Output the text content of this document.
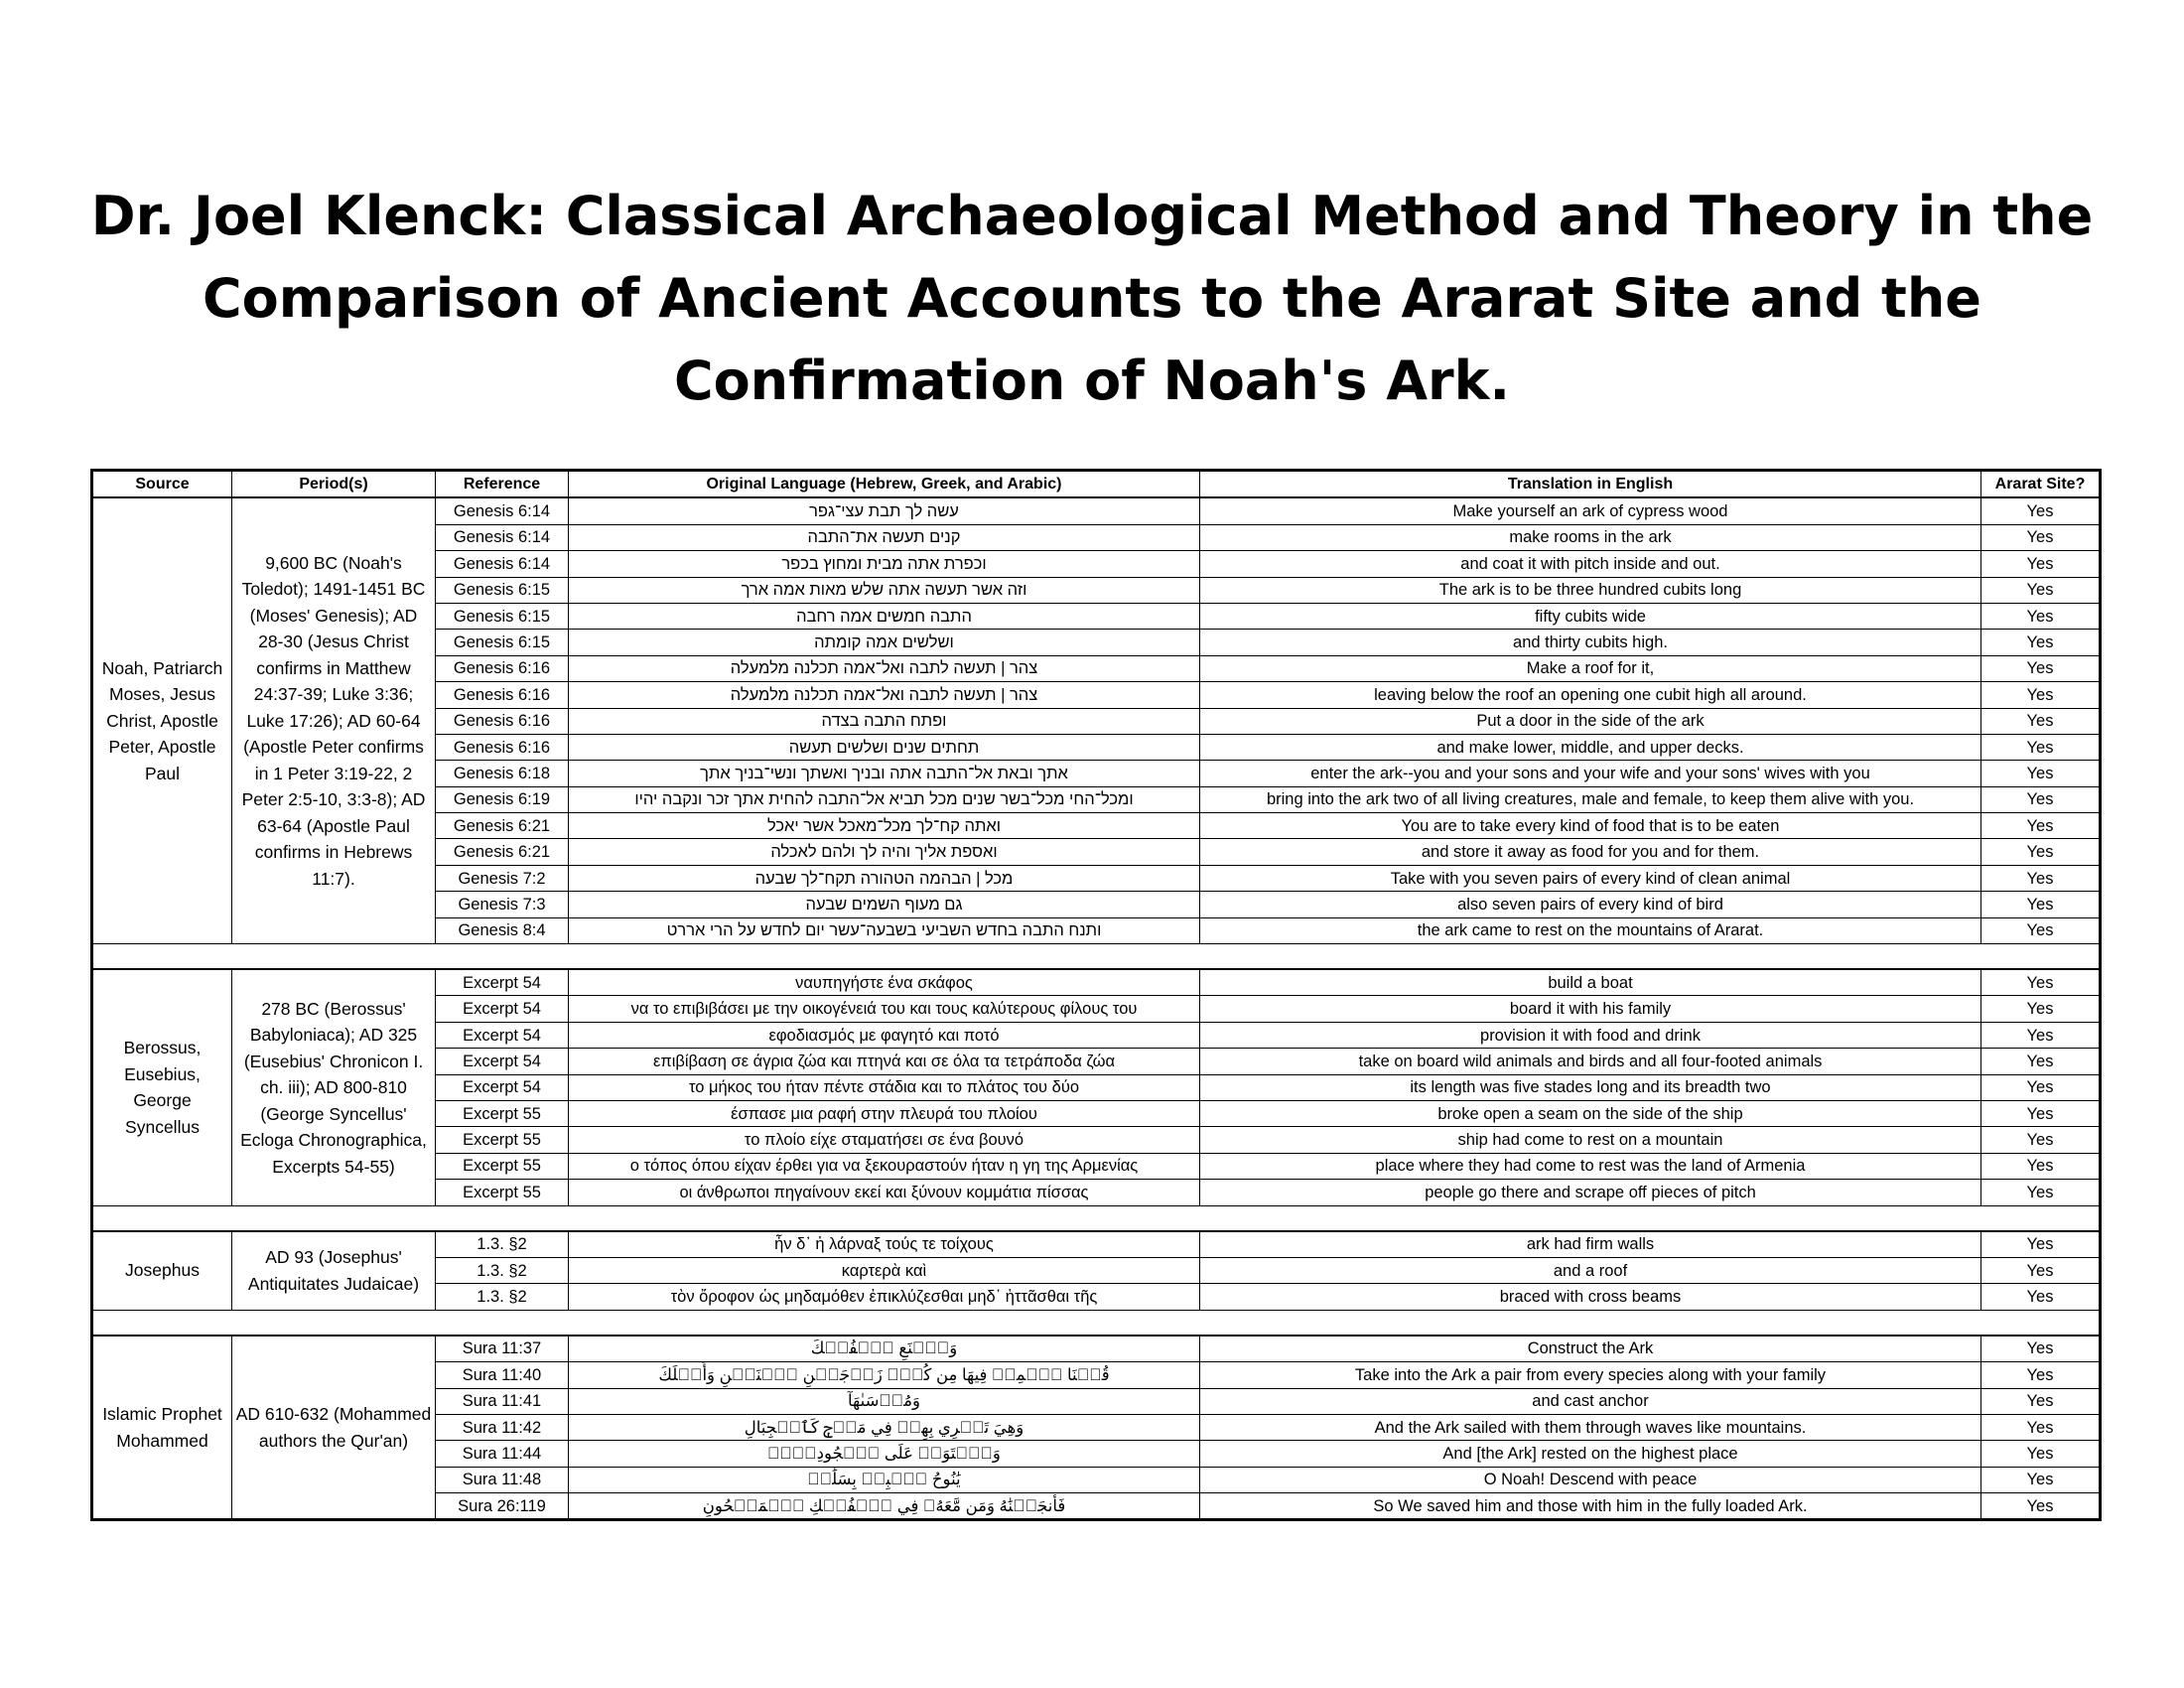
Dr. Joel Klenck: Classical Archaeological Method and Theory in the Comparison of Ancient Accounts to the Ararat Site and the Confirmation of Noah's Ark.
Source	Period(s)	Reference	Original Language (Hebrew, Greek, and Arabic)	Translation in English	Ararat Site?
Noah, Patriarch Moses, Jesus Christ, Apostle Peter, Apostle Paul	9,600 BC (Noah's Toledot); 1491-1451 BC (Moses' Genesis); AD 28-30 (Jesus Christ confirms in Matthew 24:37-39; Luke 3:36; Luke 17:26); AD 60-64 (Apostle Peter confirms in 1 Peter 3:19-22, 2 Peter 2:5-10, 3:3-8); AD 63-64 (Apostle Paul confirms in Hebrews 11:7).	Genesis 6:14	עשה לך תבת עצי־גפר	Make yourself an ark of cypress wood	Yes
		Genesis 6:14	קנים תעשה את־התבה	make rooms in the ark	Yes
		Genesis 6:14	וכפרת אתה מבית ומחוץ בכפר	and coat it with pitch inside and out.	Yes
		Genesis 6:15	וזה אשר תעשה אתה שלש מאות אמה ארך	The ark is to be three hundred cubits long	Yes
		Genesis 6:15	התבה חמשים אמה רחבה	fifty cubits wide	Yes
		Genesis 6:15	ושלשים אמה קומתה	and thirty cubits high.	Yes
		Genesis 6:16	צהר | תעשה לתבה ואל־אמה תכלנה מלמעלה	Make a roof for it,	Yes
		Genesis 6:16	צהר | תעשה לתבה ואל־אמה תכלנה מלמעלה	leaving below the roof an opening one cubit high all around.	Yes
		Genesis 6:16	ופתח התבה בצדה	Put a door in the side of the ark	Yes
		Genesis 6:16	תחתים שנים ושלשים תעשה	and make lower, middle, and upper decks.	Yes
		Genesis 6:18	אתך ובאת אל־התבה אתה ובניך ואשתך ונשי־בניך אתך	enter the ark--you and your sons and your wife and your sons' wives with you	Yes
		Genesis 6:19	ומכל־החי מכל־בשר שנים מכל תביא אל־התבה להחית אתך זכר ונקבה יהיו	bring into the ark two of all living creatures, male and female, to keep them alive with you.	Yes
		Genesis 6:21	ואתה קח־לך מכל־מאכל אשר יאכל	You are to take every kind of food that is to be eaten	Yes
		Genesis 6:21	ואספת אליך והיה לך ולהם לאכלה	and store it away as food for you and for them.	Yes
		Genesis 7:2	מכל | הבהמה הטהורה תקח־לך שבעה	Take with you seven pairs of every kind of clean animal	Yes
		Genesis 7:3	גם מעוף השמים שבעה	also seven pairs of every kind of bird	Yes
		Genesis 8:4	ותנח התבה בחדש השביעי בשבעה־עשר יום לחדש על הרי אררט	the ark came to rest on the mountains of Ararat.	Yes

Berossus, Eusebius, George Syncellus	278 BC (Berossus' Babyloniaca); AD 325 (Eusebius' Chronicon I. ch. iii); AD 800-810 (George Syncellus' Ecloga Chronographica, Excerpts 54-55)	Excerpt 54	ναυπηγήστε ένα σκάφος	build a boat	Yes
		Excerpt 54	να το επιβιβάσει με την οικογένειά του και τους καλύτερους φίλους του	board it with his family	Yes
		Excerpt 54	εφοδιασμός με φαγητό και ποτό	provision it with food and drink	Yes
		Excerpt 54	επιβίβαση σε άγρια ζώα και πτηνά και σε όλα τα τετράποδα ζώα	take on board wild animals and birds and all four-footed animals	Yes
		Excerpt 54	το μήκος του ήταν πέντε στάδια και το πλάτος του δύο	its length was five stades long and its breadth two	Yes
		Excerpt 55	έσπασε μια ραφή στην πλευρά του πλοίου	broke open a seam on the side of the ship	Yes
		Excerpt 55	το πλοίο είχε σταματήσει σε ένα βουνό	ship had come to rest on a mountain	Yes
		Excerpt 55	ο τόπος όπου είχαν έρθει για να ξεκουραστούν ήταν η γη της Αρμενίας	place where they had come to rest was the land of Armenia	Yes
		Excerpt 55	οι άνθρωποι πηγαίνουν εκεί και ξύνουν κομμάτια πίσσας	people go there and scrape off pieces of pitch	Yes

Josephus	AD 93 (Josephus' Antiquitates Judaicae)	1.3. §2	ἦν δ᾽ ἡ λάρναξ τούς τε τοίχους	ark had firm walls	Yes
		1.3. §2	καρτερὰ καὶ	and a roof	Yes
		1.3. §2	τὸν ὄροφον ὡς μηδαμόθεν ἐπικλύζεσθαι μηδ᾽ ἡττᾶσθαι τῆς	braced with cross beams	Yes

Islamic Prophet Mohammed	AD 610-632 (Mohammed authors the Qur'an)	Sura 11:37	وَٱصۡنَعِ ٱلۡفُلۡكَ	Construct the Ark	Yes
		Sura 11:40	قُلۡنَا ٱحۡمِلۡ فِيهَا مِن كُلّٖ زَوۡجَيۡنِ ٱثۡنَيۡنِ وَأَهۡلَكَ	Take into the Ark a pair from every species along with your family	Yes
		Sura 11:41	وَمُرۡسَىٰهَآ	and cast anchor	Yes
		Sura 11:42	وَهِيَ تَجۡرِي بِهِمۡ فِي مَوۡجٖ كَٱلۡجِبَالِ	And the Ark sailed with them through waves like mountains.	Yes
		Sura 11:44	وَٱسۡتَوَتۡ عَلَى ٱلۡجُودِيِّۖ	And [the Ark] rested on the highest place	Yes
		Sura 11:48	يَٰنُوحُ ٱهۡبِطۡ بِسَلَٰمٖ	O Noah! Descend with peace	Yes
		Sura 26:119	فَأَنجَيۡنَٰهُ وَمَن مَّعَهُۥ فِي ٱلۡفُلۡكِ ٱلۡمَشۡحُونِ	So We saved him and those with him in the fully loaded Ark.	Yes
